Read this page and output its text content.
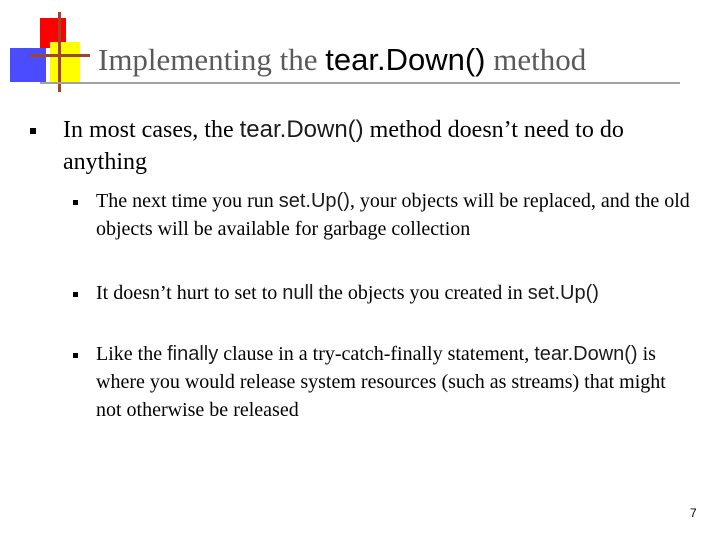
Implementing the tear.Down() method
In most cases, the tear.Down() method doesn’t need to do anything
The next time you run set.Up(), your objects will be replaced, and the old objects will be available for garbage collection
It doesn’t hurt to set to null the objects you created in set.Up()
Like the finally clause in a try-catch-finally statement, tear.Down() is where you would release system resources (such as streams) that might not otherwise be released
7
